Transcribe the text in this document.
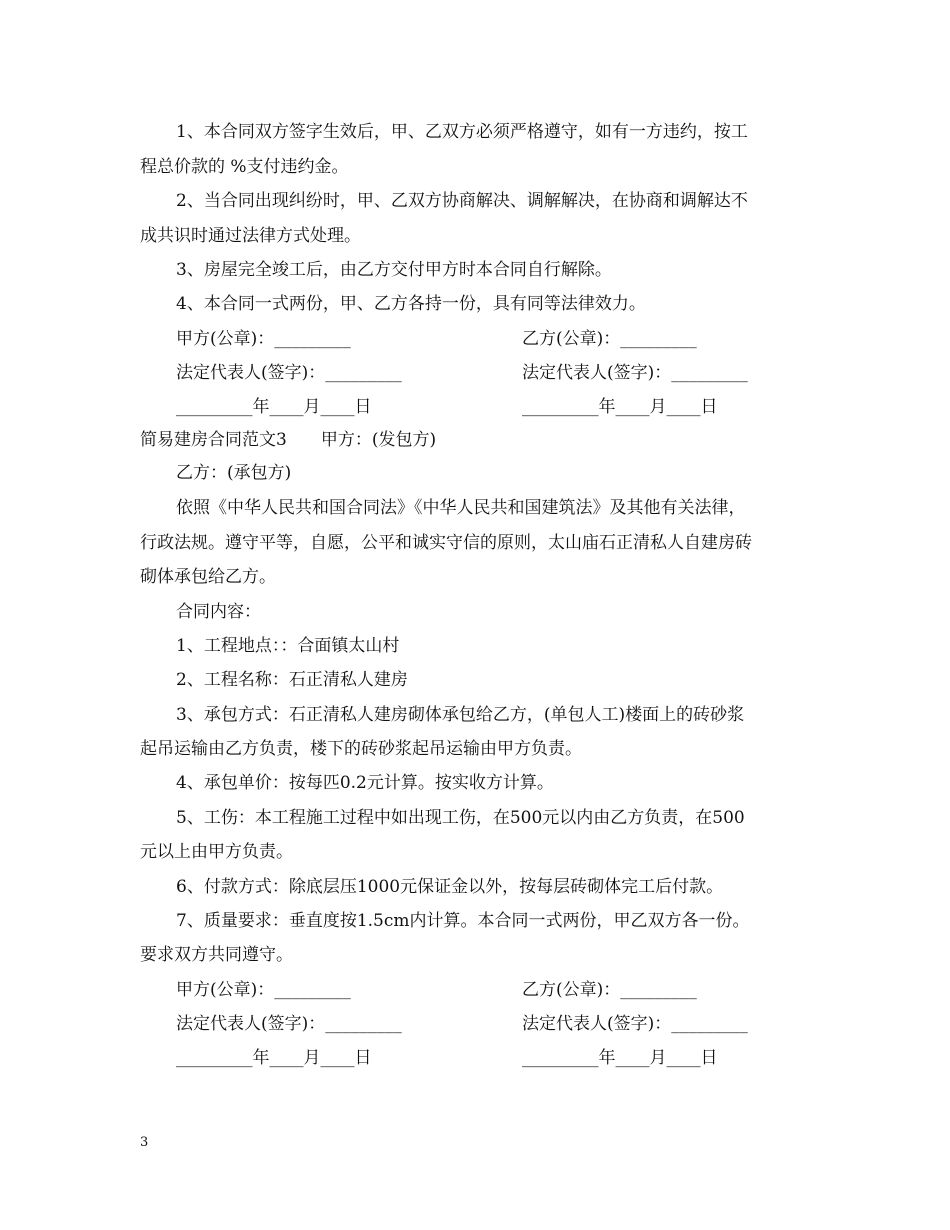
1、本合同双方签字生效后，甲、乙双方必须严格遵守，如有一方违约，按工
程总价款的 %支付违约金。
2、当合同出现纠纷时，甲、乙双方协商解决、调解解决，在协商和调解达不
成共识时通过法律方式处理。
3、房屋完全竣工后，由乙方交付甲方时本合同自行解除。
4、本合同一式两份，甲、乙方各持一份，具有同等法律效力。
甲方(公章)：_________	乙方(公章)：_________
法定代表人(签字)：_________	法定代表人(签字)：_________
_________年____月____日	_________年____月____日
简易建房合同范文3　　甲方：(发包方)
乙方：(承包方)
依照《中华人民共和国合同法》《中华人民共和国建筑法》及其他有关法律，
行政法规。遵守平等，自愿，公平和诚实守信的原则，太山庙石正清私人自建房砖
砌体承包给乙方。
合同内容：
1、工程地点：：合面镇太山村
2、工程名称：石正清私人建房
3、承包方式：石正清私人建房砌体承包给乙方，(单包人工)楼面上的砖砂浆
起吊运输由乙方负责，楼下的砖砂浆起吊运输由甲方负责。
4、承包单价：按每匹0.2元计算。按实收方计算。
5、工伤：本工程施工过程中如出现工伤，在500元以内由乙方负责，在500
元以上由甲方负责。
6、付款方式：除底层压1000元保证金以外，按每层砖砌体完工后付款。
7、质量要求：垂直度按1.5cm内计算。本合同一式两份，甲乙双方各一份。
要求双方共同遵守。
甲方(公章)：_________	乙方(公章)：_________
法定代表人(签字)：_________	法定代表人(签字)：_________
_________年____月____日	_________年____月____日
3
